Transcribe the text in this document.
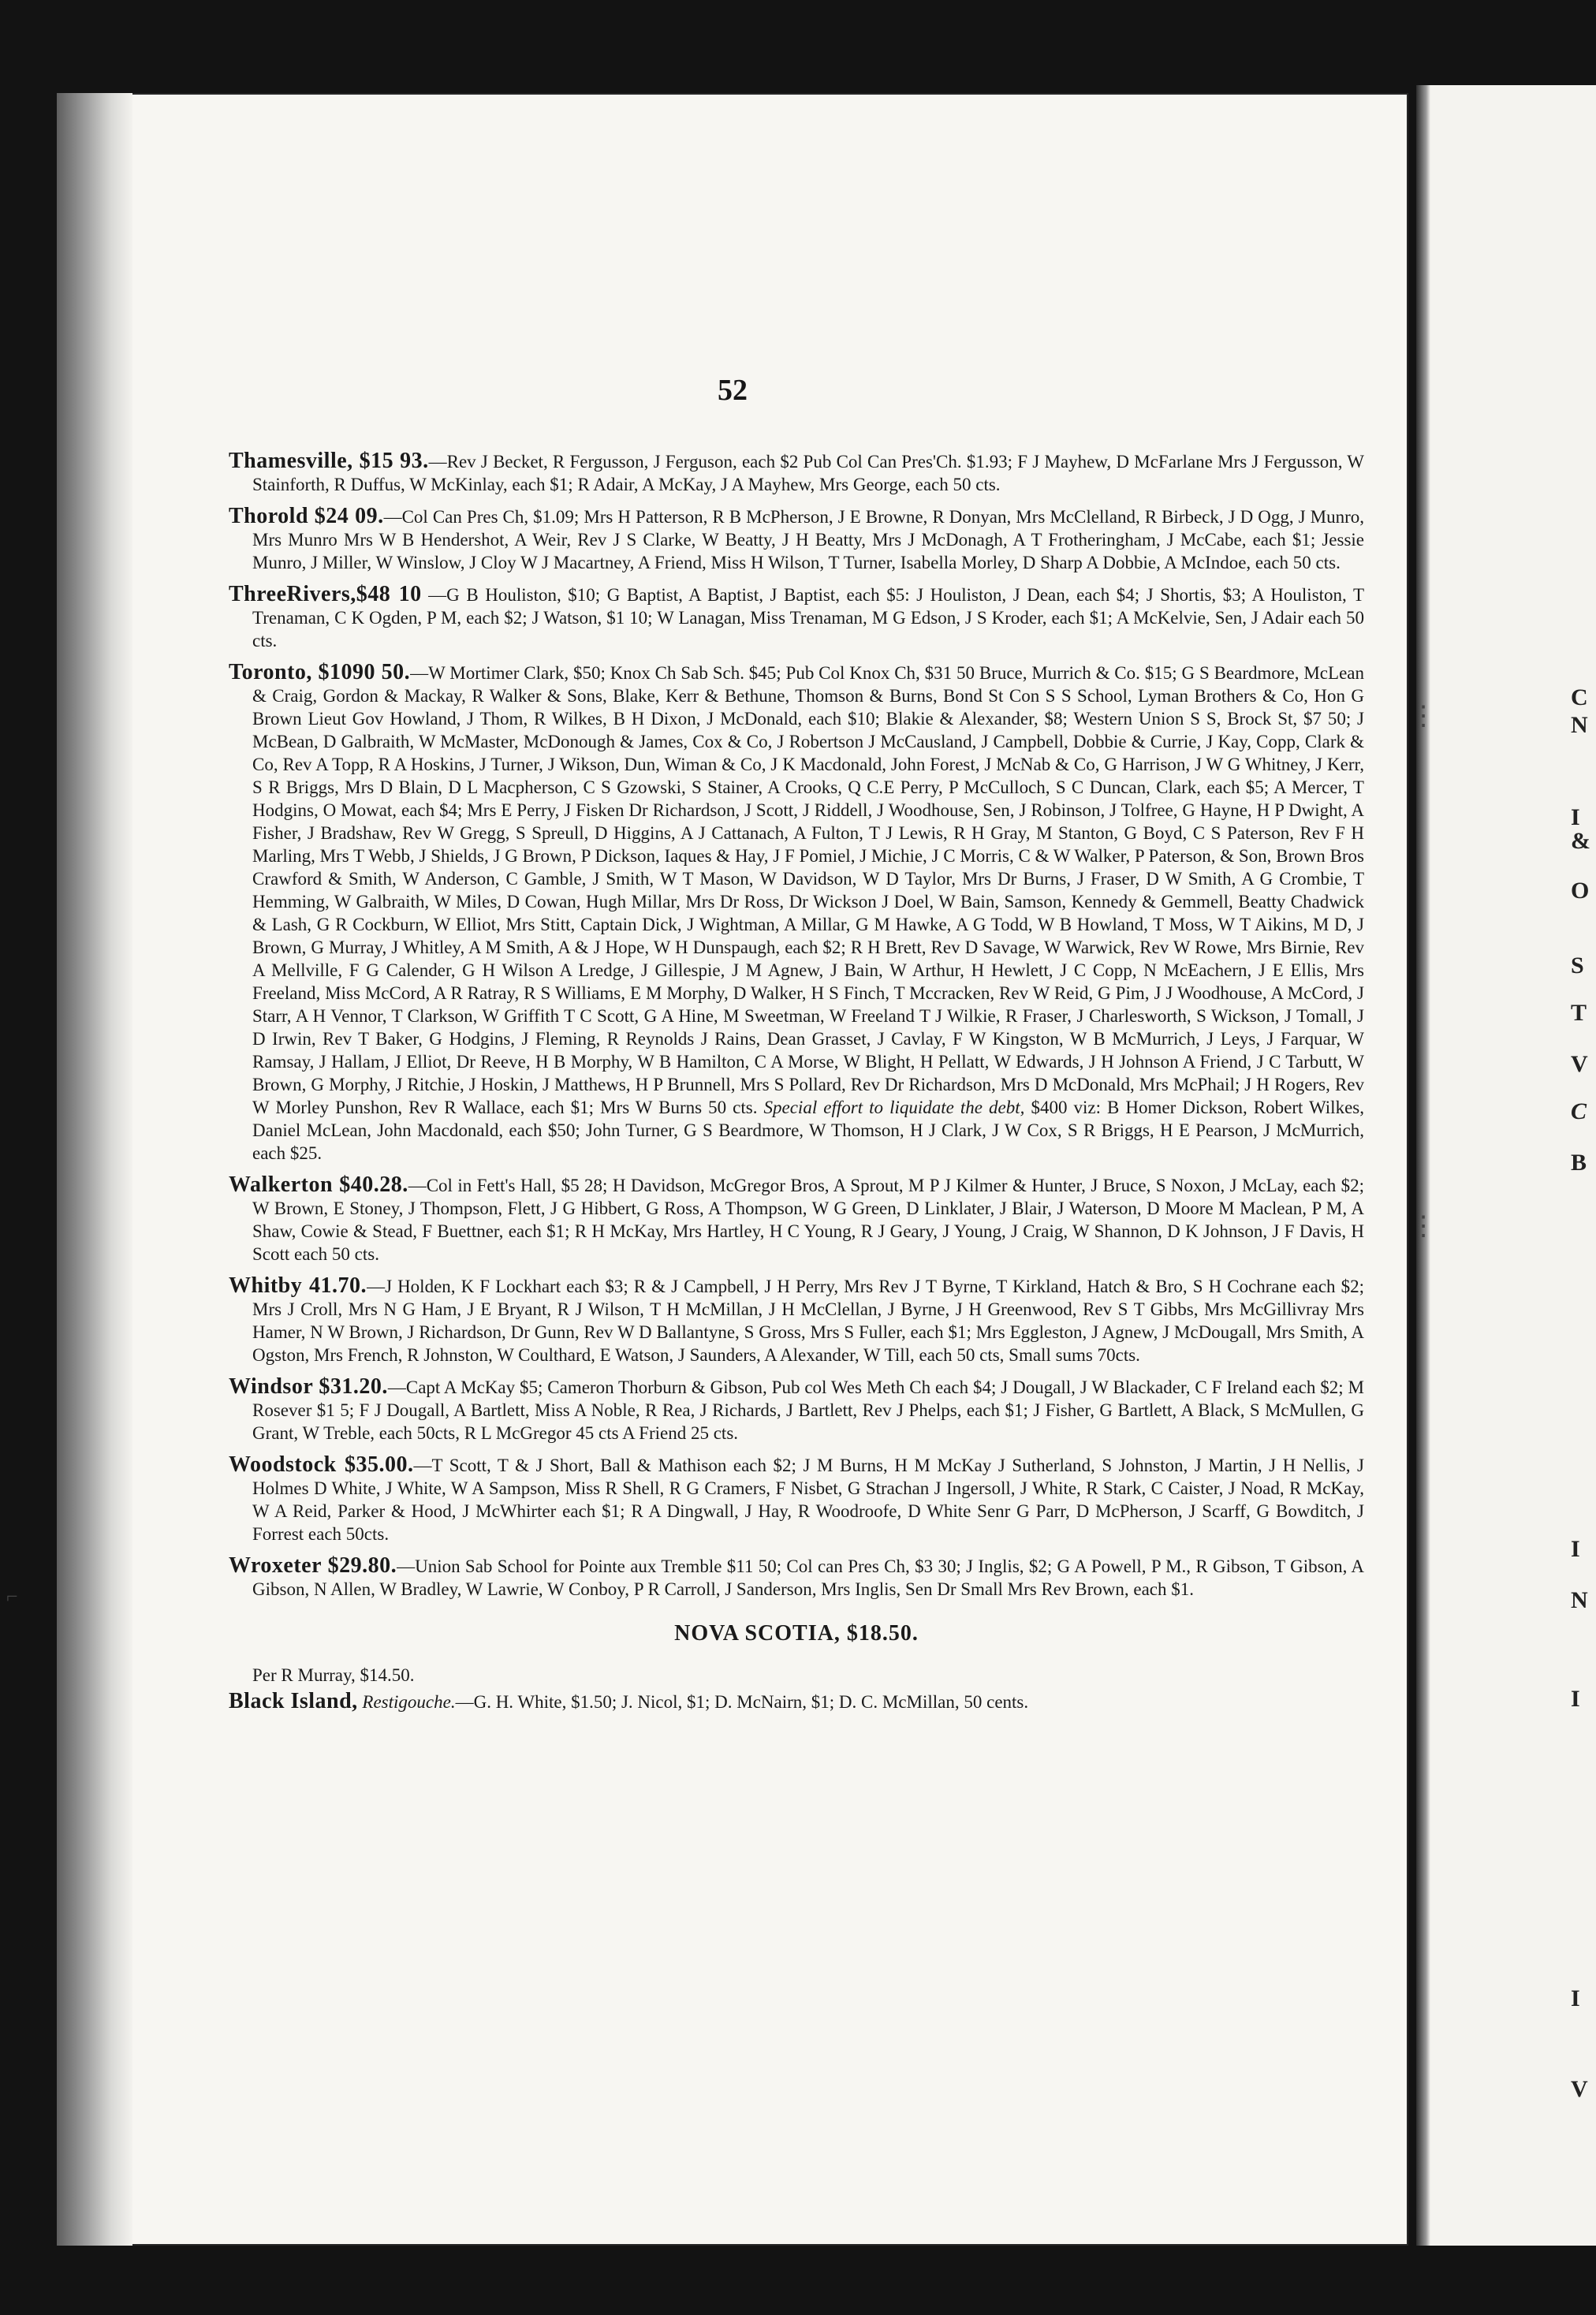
52

Thamesville, $15 93.—Rev J Becket, R Fergusson, J Ferguson, each $2 Pub Col Can Pres'Ch. $1.93; F J Mayhew, D McFarlane Mrs J Fergusson, W Stainforth, R Duffus, W McKinlay, each $1; R Adair, A McKay, J A Mayhew, Mrs George, each 50 cts.

Thorold $24 09.—Col Can Pres Ch, $1.09; Mrs H Patterson, R B McPherson, J E Browne, R Donyan, Mrs McClelland, R Birbeck, J D Ogg, J Munro, Mrs Munro Mrs W B Hendershot, A Weir, Rev J S Clarke, W Beatty, J H Beatty, Mrs J McDonagh, A T Frotheringham, J McCabe, each $1; Jessie Munro, J Miller, W Winslow, J Cloy W J Macartney, A Friend, Miss H Wilson, T Turner, Isabella Morley, D Sharp A Dobbie, A McIndoe, each 50 cts.

ThreeRivers,$48 10 —G B Houliston, $10; G Baptist, A Baptist, J Baptist, each $5: J Houliston, J Dean, each $4; J Shortis, $3; A Houliston, T Trenaman, C K Ogden, P M, each $2; J Watson, $1 10; W Lanagan, Miss Trenaman, M G Edson, J S Kroder, each $1; A McKelvie, Sen, J Adair each 50 cts.

Toronto, $1090 50.—W Mortimer Clark, $50; Knox Ch Sab Sch. $45; Pub Col Knox Ch, $31 50 Bruce, Murrich & Co. $15; G S Beardmore, McLean & Craig, Gordon & Mackay, R Walker & Sons, Blake, Kerr & Bethune, Thomson & Burns, Bond St Con S S School, Lyman Brothers & Co, Hon G Brown Lieut Gov Howland, J Thom, R Wilkes, B H Dixon, J McDonald, each $10; Blakie & Alexander, $8; Western Union S S, Brock St, $7 50; J McBean, D Galbraith, W McMaster, McDonough & James, Cox & Co, J Robertson J McCausland, J Campbell, Dobbie & Currie, J Kay, Copp, Clark & Co, Rev A Topp, R A Hoskins, J Turner, J Wikson, Dun, Wiman & Co, J K Macdonald, John Forest, J McNab & Co, G Harrison, J W G Whitney, J Kerr, S R Briggs, Mrs D Blain, D L Macpherson, C S Gzowski, S Stainer, A Crooks, Q C.E Perry, P McCulloch, S C Duncan, Clark, each $5; A Mercer, T Hodgins, O Mowat, each $4; Mrs E Perry, J Fisken Dr Richardson, J Scott, J Riddell, J Woodhouse, Sen, J Robinson, J Tolfree, G Hayne, H P Dwight, A Fisher, J Bradshaw, Rev W Gregg, S Spreull, D Higgins, A J Cattanach, A Fulton, T J Lewis, R H Gray, M Stanton, G Boyd, C S Paterson, Rev F H Marling, Mrs T Webb, J Shields, J G Brown, P Dickson, Iaques & Hay, J F Pomiel, J Michie, J C Morris, C & W Walker, P Paterson, & Son, Brown Bros Crawford & Smith, W Anderson, C Gamble, J Smith, W T Mason, W Davidson, W D Taylor, Mrs Dr Burns, J Fraser, D W Smith, A G Crombie, T Hemming, W Galbraith, W Miles, D Cowan, Hugh Millar, Mrs Dr Ross, Dr Wickson J Doel, W Bain, Samson, Kennedy & Gemmell, Beatty Chadwick & Lash, G R Cockburn, W Elliot, Mrs Stitt, Captain Dick, J Wightman, A Millar, G M Hawke, A G Todd, W B Howland, T Moss, W T Aikins, M D, J Brown, G Murray, J Whitley, A M Smith, A & J Hope, W H Dunspaugh, each $2; R H Brett, Rev D Savage, W Warwick, Rev W Rowe, Mrs Birnie, Rev A Mellville, F G Calender, G H Wilson A Lredge, J Gillespie, J M Agnew, J Bain, W Arthur, H Hewlett, J C Copp, N McEachern, J E Ellis, Mrs Freeland, Miss McCord, A R Ratray, R S Williams, E M Morphy, D Walker, H S Finch, T Mccracken, Rev W Reid, G Pim, J J Woodhouse, A McCord, J Starr, A H Vennor, T Clarkson, W Griffith T C Scott, G A Hine, M Sweetman, W Freeland T J Wilkie, R Fraser, J Charlesworth, S Wickson, J Tomall, J D Irwin, Rev T Baker, G Hodgins, J Fleming, R Reynolds J Rains, Dean Grasset, J Cavlay, F W Kingston, W B McMurrich, J Leys, J Farquar, W Ramsay, J Hallam, J Elliot, Dr Reeve, H B Morphy, W B Hamilton, C A Morse, W Blight, H Pellatt, W Edwards, J H Johnson A Friend, J C Tarbutt, W Brown, G Morphy, J Ritchie, J Hoskin, J Matthews, H P Brunnell, Mrs S Pollard, Rev Dr Richardson, Mrs D McDonald, Mrs McPhail; J H Rogers, Rev W Morley Punshon, Rev R Wallace, each $1; Mrs W Burns 50 cts. Special effort to liquidate the debt, $400 viz: B Homer Dickson, Robert Wilkes, Daniel McLean, John Macdonald, each $50; John Turner, G S Beardmore, W Thomson, H J Clark, J W Cox, S R Briggs, H E Pearson, J McMurrich, each $25.

Walkerton $40.28.—Col in Fett's Hall, $5 28; H Davidson, McGregor Bros, A Sprout, M P J Kilmer & Hunter, J Bruce, S Noxon, J McLay, each $2; W Brown, E Stoney, J Thompson, Flett, J G Hibbert, G Ross, A Thompson, W G Green, D Linklater, J Blair, J Waterson, D Moore M Maclean, P M, A Shaw, Cowie & Stead, F Buettner, each $1; R H McKay, Mrs Hartley, H C Young, R J Geary, J Young, J Craig, W Shannon, D K Johnson, J F Davis, H Scott each 50 cts.

Whitby 41.70.—J Holden, K F Lockhart each $3; R & J Campbell, J H Perry, Mrs Rev J T Byrne, T Kirkland, Hatch & Bro, S H Cochrane each $2; Mrs J Croll, Mrs N G Ham, J E Bryant, R J Wilson, T H McMillan, J H McClellan, J Byrne, J H Greenwood, Rev S T Gibbs, Mrs McGillivray Mrs Hamer, N W Brown, J Richardson, Dr Gunn, Rev W D Ballantyne, S Gross, Mrs S Fuller, each $1; Mrs Eggleston, J Agnew, J McDougall, Mrs Smith, A Ogston, Mrs French, R Johnston, W Coulthard, E Watson, J Saunders, A Alexander, W Till, each 50 cts, Small sums 70cts.

Windsor $31.20.—Capt A McKay $5; Cameron Thorburn & Gibson, Pub col Wes Meth Ch each $4; J Dougall, J W Blackader, C F Ireland each $2; M Rosever $1 5; F J Dougall, A Bartlett, Miss A Noble, R Rea, J Richards, J Bartlett, Rev J Phelps, each $1; J Fisher, G Bartlett, A Black, S McMullen, G Grant, W Treble, each 50cts, R L McGregor 45 cts A Friend 25 cts.

Woodstock $35.00.—T Scott, T & J Short, Ball & Mathison each $2; J M Burns, H M McKay J Sutherland, S Johnston, J Martin, J H Nellis, J Holmes D White, J White, W A Sampson, Miss R Shell, R G Cramers, F Nisbet, G Strachan J Ingersoll, J White, R Stark, C Caister, J Noad, R McKay, W A Reid, Parker & Hood, J McWhirter each $1; R A Dingwall, J Hay, R Woodroofe, D White Senr G Parr, D McPherson, J Scarff, G Bowditch, J Forrest each 50cts.

Wroxeter $29.80.—Union Sab School for Pointe aux Tremble $11 50; Col can Pres Ch, $3 30; J Inglis, $2; G A Powell, P M., R Gibson, T Gibson, A Gibson, N Allen, W Bradley, W Lawrie, W Conboy, P R Carroll, J Sanderson, Mrs Inglis, Sen Dr Small Mrs Rev Brown, each $1.

NOVA SCOTIA, $18.50.

Per R Murray, $14.50.

Black Island, Restigouche.—G. H. White, $1.50; J. Nicol, $1; D. McNairn, $1; D. C. McMillan, 50 cents.

C
N
I
&
O
S
T
V
C
B
I
N
I
I
V
⋮
⋮
⌐
